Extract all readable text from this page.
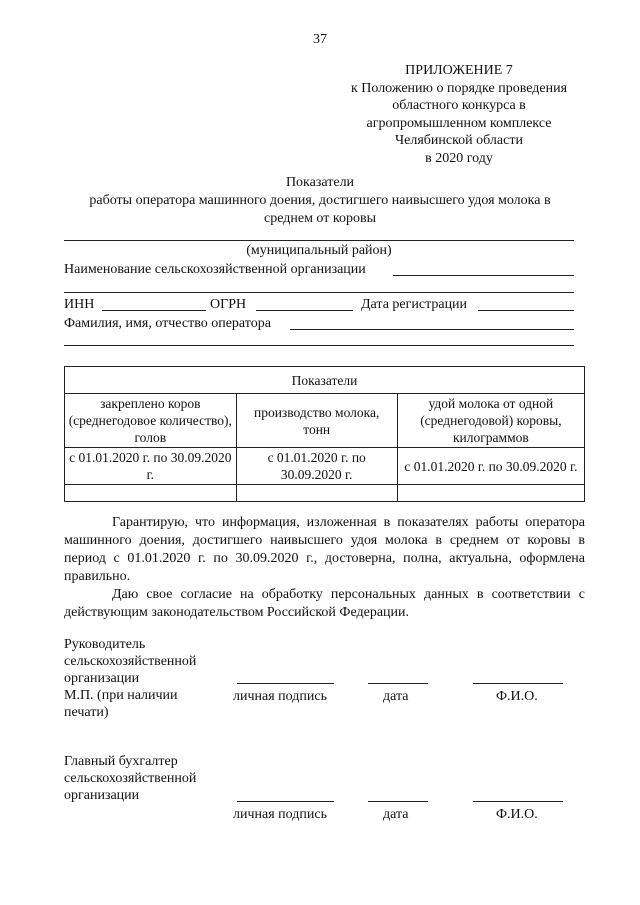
37
ПРИЛОЖЕНИЕ 7
к Положению о порядке проведения
областного конкурса в
агропромышленном комплексе
Челябинской области
в 2020 году
Показатели
работы оператора машинного доения, достигшего наивысшего удоя молока в
среднем от коровы
(муниципальный район)
Наименование сельскохозяйственной организации
ИНН	ОГРН	Дата регистрации
Фамилия, имя, отчество оператора
Показатели		
закреплено коров (среднегодовое количество), голов	производство молока, тонн	удой молока от одной (среднегодовой) коровы, килограммов
с 01.01.2020 г. по 30.09.2020 г.	с 01.01.2020 г. по 30.09.2020 г.	с 01.01.2020 г. по 30.09.2020 г.

Гарантирую, что информация, изложенная в показателях работы оператора машинного доения, достигшего наивысшего удоя молока в среднем от коровы в период с 01.01.2020 г. по 30.09.2020 г., достоверна, полна, актуальна, оформлена правильно.
Даю свое согласие на обработку персональных данных в соответствии с действующим законодательством Российской Федерации.
Руководитель
сельскохозяйственной
организации
М.П. (при наличии
печати)
личная подпись	дата	Ф.И.О.
Главный бухгалтер
сельскохозяйственной
организации
личная подпись	дата	Ф.И.О.
